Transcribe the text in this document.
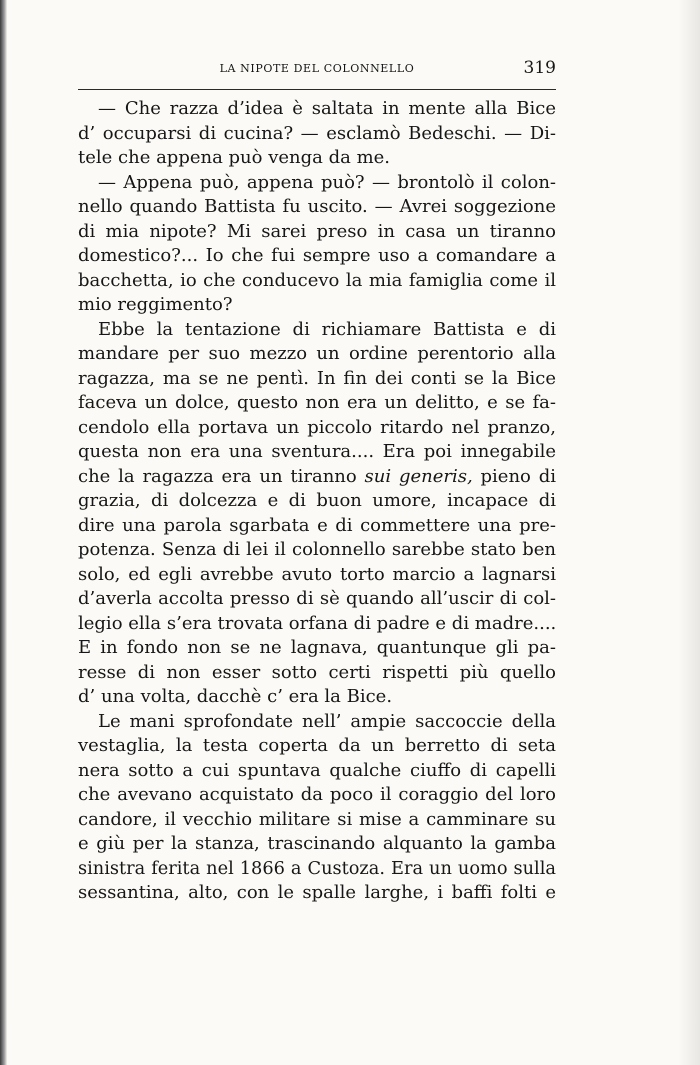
LA NIPOTE DEL COLONNELLO	319
— Che razza d’idea è saltata in mente alla Bice
d’ occuparsi di cucina? — esclamò Bedeschi. — Di-
tele che appena può venga da me.
— Appena può, appena può? — brontolò il colon-
nello quando Battista fu uscito. — Avrei soggezione
di mia nipote? Mi sarei preso in casa un tiranno
domestico?... Io che fui sempre uso a comandare a
bacchetta, io che conducevo la mia famiglia come il
mio reggimento?
Ebbe la tentazione di richiamare Battista e di
mandare per suo mezzo un ordine perentorio alla
ragazza, ma se ne pentì. In fin dei conti se la Bice
faceva un dolce, questo non era un delitto, e se fa-
cendolo ella portava un piccolo ritardo nel pranzo,
questa non era una sventura.... Era poi innegabile
che la ragazza era un tiranno sui generis, pieno di
grazia, di dolcezza e di buon umore, incapace di
dire una parola sgarbata e di commettere una pre-
potenza. Senza di lei il colonnello sarebbe stato ben
solo, ed egli avrebbe avuto torto marcio a lagnarsi
d’averla accolta presso di sè quando all’uscir di col-
legio ella s’era trovata orfana di padre e di madre....
E in fondo non se ne lagnava, quantunque gli pa-
resse di non esser sotto certi rispetti più quello
d’ una volta, dacchè c’ era la Bice.
Le mani sprofondate nell’ ampie saccoccie della
vestaglia, la testa coperta da un berretto di seta
nera sotto a cui spuntava qualche ciuffo di capelli
che avevano acquistato da poco il coraggio del loro
candore, il vecchio militare si mise a camminare su
e giù per la stanza, trascinando alquanto la gamba
sinistra ferita nel 1866 a Custoza. Era un uomo sulla
sessantina, alto, con le spalle larghe, i baffi folti e
